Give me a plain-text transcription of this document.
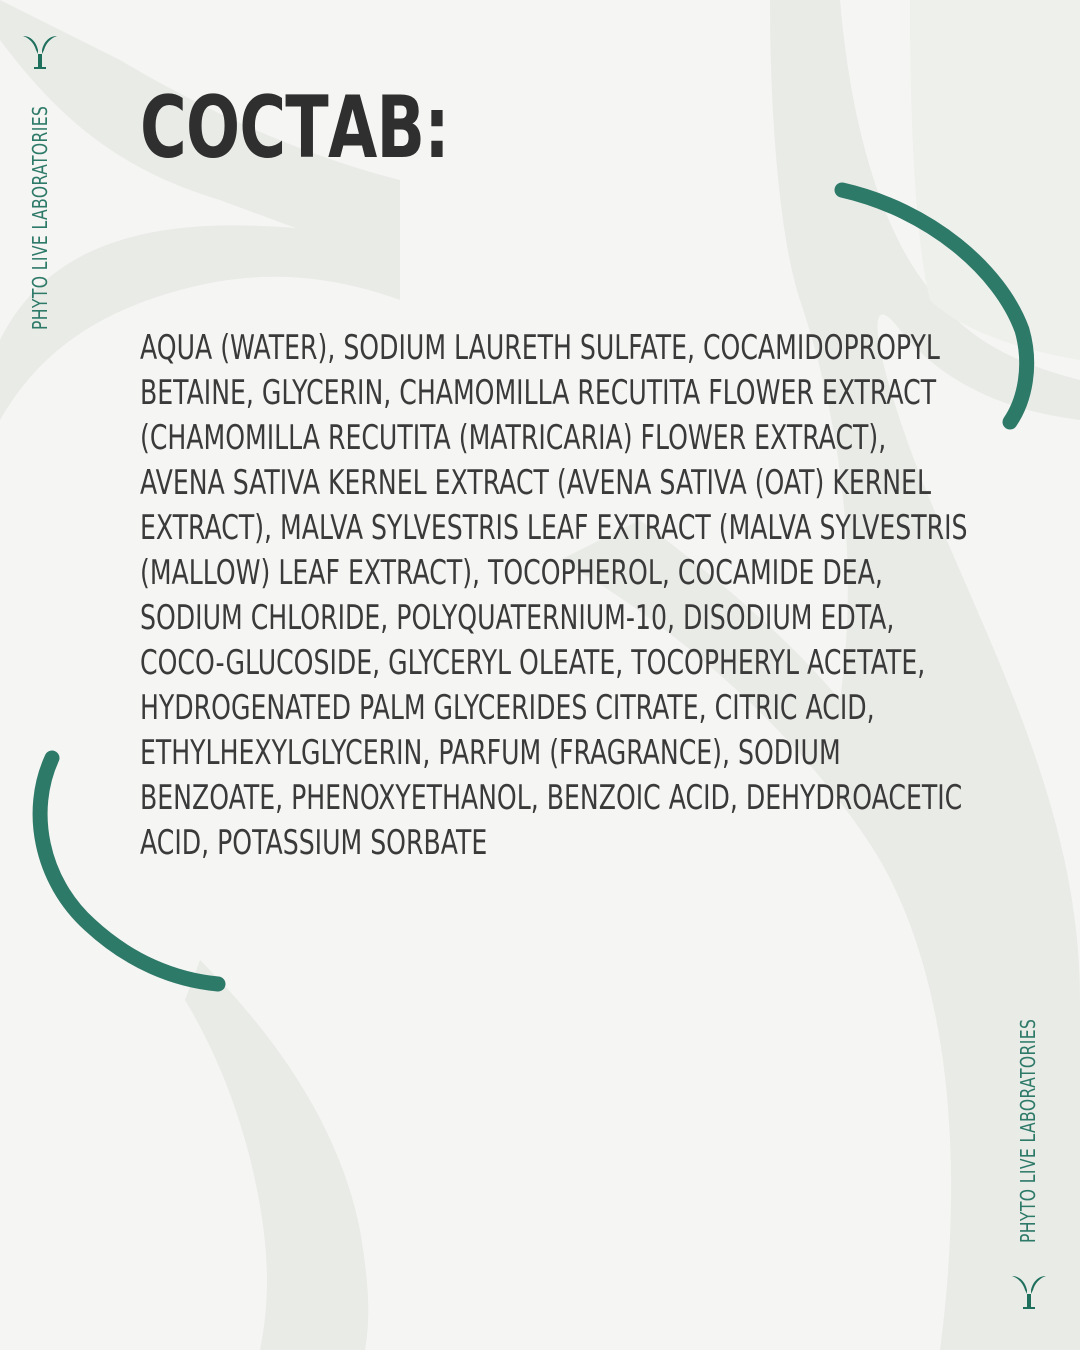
PHYTO LIVE LABORATORIES
PHYTO LIVE LABORATORIES
СОСТАВ:

AQUA (WATER), SODIUM LAURETH SULFATE, COCAMIDOPROPYL
BETAINE, GLYCERIN, CHAMOMILLA RECUTITA FLOWER EXTRACT
(CHAMOMILLA RECUTITA (MATRICARIA) FLOWER EXTRACT),
AVENA SATIVA KERNEL EXTRACT (AVENA SATIVA (OAT) KERNEL
EXTRACT), MALVA SYLVESTRIS LEAF EXTRACT (MALVA SYLVESTRIS
(MALLOW) LEAF EXTRACT), TOCOPHEROL, COCAMIDE DEA,
SODIUM CHLORIDE, POLYQUATERNIUM-10, DISODIUM EDTA,
COCO-GLUCOSIDE, GLYCERYL OLEATE, TOCOPHERYL ACETATE,
HYDROGENATED PALM GLYCERIDES CITRATE, CITRIC ACID,
ETHYLHEXYLGLYCERIN, PARFUM (FRAGRANCE), SODIUM
BENZOATE, PHENOXYETHANOL, BENZOIC ACID, DEHYDROACETIC
ACID, POTASSIUM SORBATE
